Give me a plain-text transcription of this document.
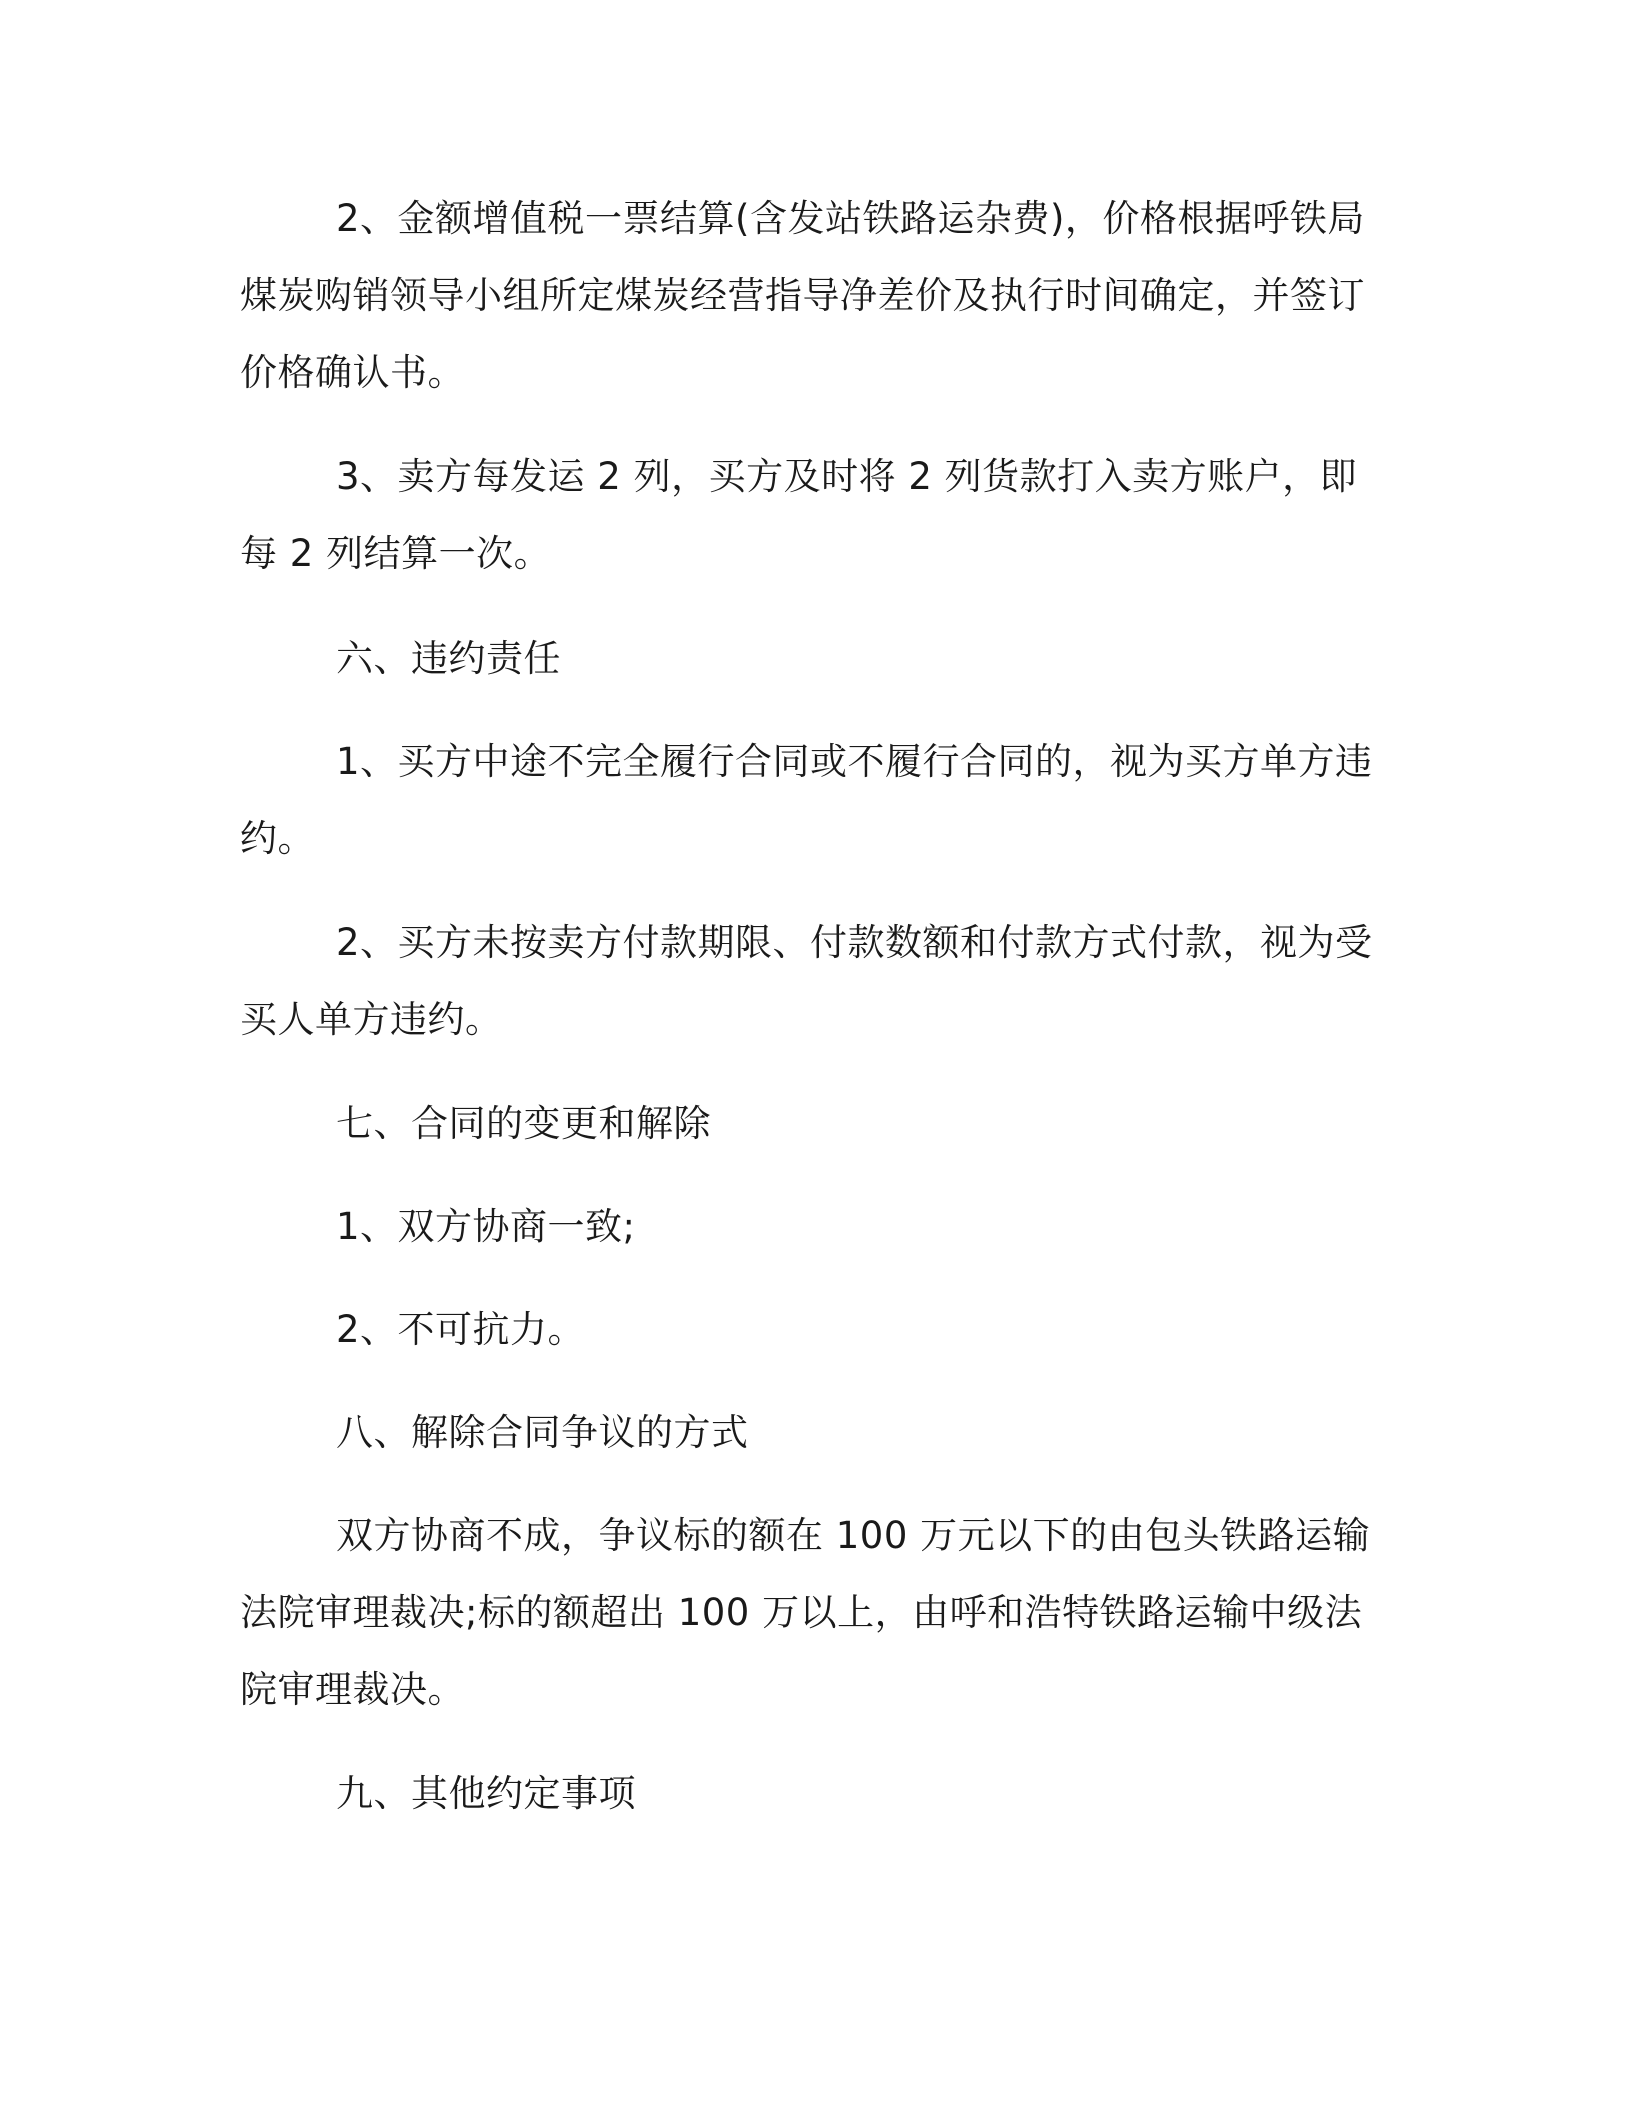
2、金额增值税一票结算(含发站铁路运杂费)，价格根据呼铁局煤炭购销领导小组所定煤炭经营指导净差价及执行时间确定，并签订价格确认书。

3、卖方每发运 2 列，买方及时将 2 列货款打入卖方账户，即每 2 列结算一次。

六、违约责任

1、买方中途不完全履行合同或不履行合同的，视为买方单方违约。

2、买方未按卖方付款期限、付款数额和付款方式付款，视为受买人单方违约。

七、合同的变更和解除

1、双方协商一致;

2、不可抗力。

八、解除合同争议的方式

双方协商不成，争议标的额在 100 万元以下的由包头铁路运输法院审理裁决;标的额超出 100 万以上，由呼和浩特铁路运输中级法院审理裁决。

九、其他约定事项
